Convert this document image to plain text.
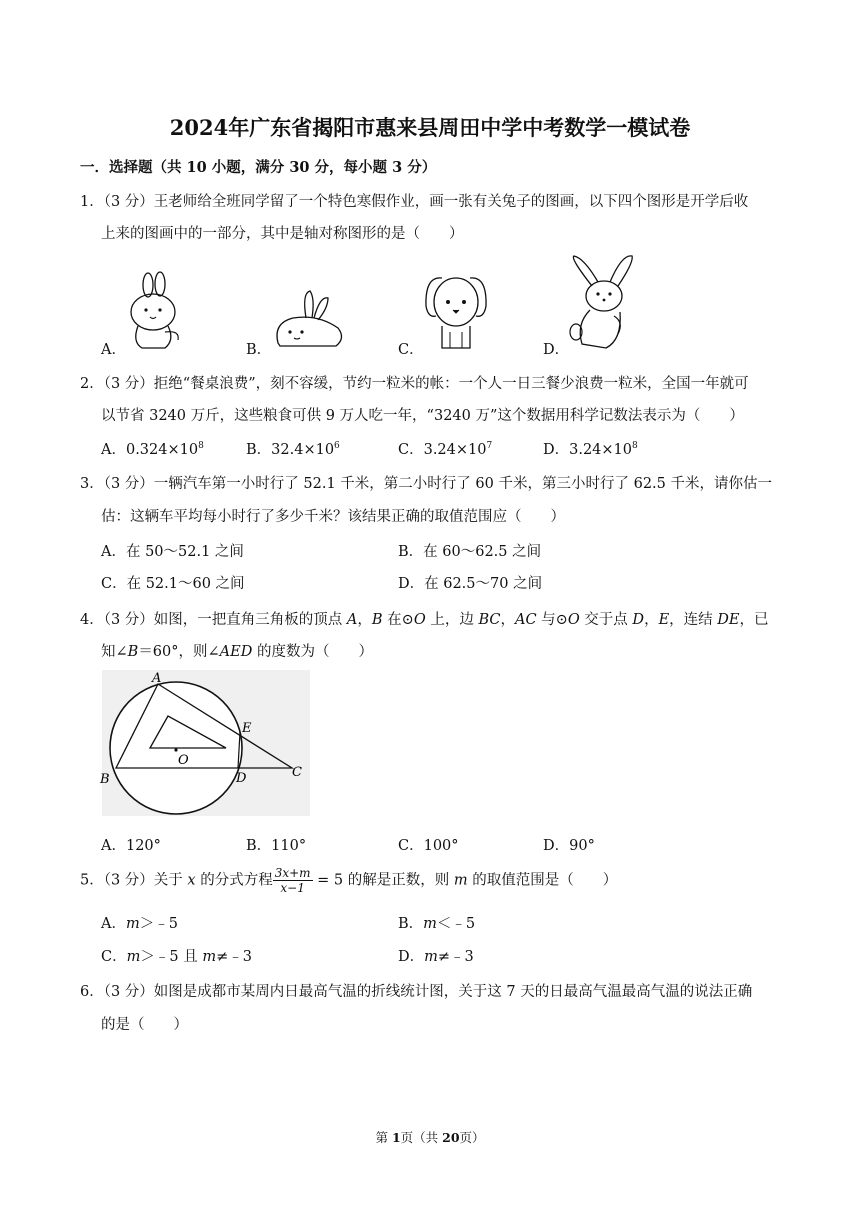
2024年广东省揭阳市惠来县周田中学中考数学一模试卷
一．选择题（共 10 小题，满分 30 分，每小题 3 分）
1．（3 分）王老师给全班同学留了一个特色寒假作业，画一张有关兔子的图画，以下四个图形是开学后收
上来的图画中的一部分，其中是轴对称图形的是（　　）
A．	B．	C．	D．
2．（3 分）拒绝“餐桌浪费”，刻不容缓，节约一粒米的帐：一个人一日三餐少浪费一粒米，全国一年就可
以节省 3240 万斤，这些粮食可供 9 万人吃一年，“3240 万”这个数据用科学记数法表示为（　　）
A．$0.324\times 10^8$	B．$32.4\times 10^6$	C．$3.24\times 10^7$	D．$3.24\times 10^8$
3．（3 分）一辆汽车第一小时行了 52.1 千米，第二小时行了 60 千米，第三小时行了 62.5 千米，请你估一
估：这辆车平均每小时行了多少千米？该结果正确的取值范围应（　　）
A．在 50～52.1 之间	B．在 60～62.5 之间
C．在 52.1～60 之间	D．在 62.5～70 之间
4．（3 分）如图，一把直角三角板的顶点 A，B 在⊙O 上，边 BC，AC 与⊙O 交于点 D，E，连结 DE，已
知∠B＝60°，则∠AED 的度数为（　　）
A
B	C
D
E
O
A．120°	B．110°	C．100°	D．90°
5．（3 分）关于 x 的分式方程 $\frac{3x+m}{x-1} = 5$ 的解是正数，则 m 的取值范围是（　　）
A．m＞﹣5	B．m＜﹣5
C．m＞﹣5 且 m≠﹣3	D．m≠﹣3
6．（3 分）如图是成都市某周内日最高气温的折线统计图，关于这 7 天的日最高气温最高气温的说法正确
的是（　　）
第 1页（共 20页）
